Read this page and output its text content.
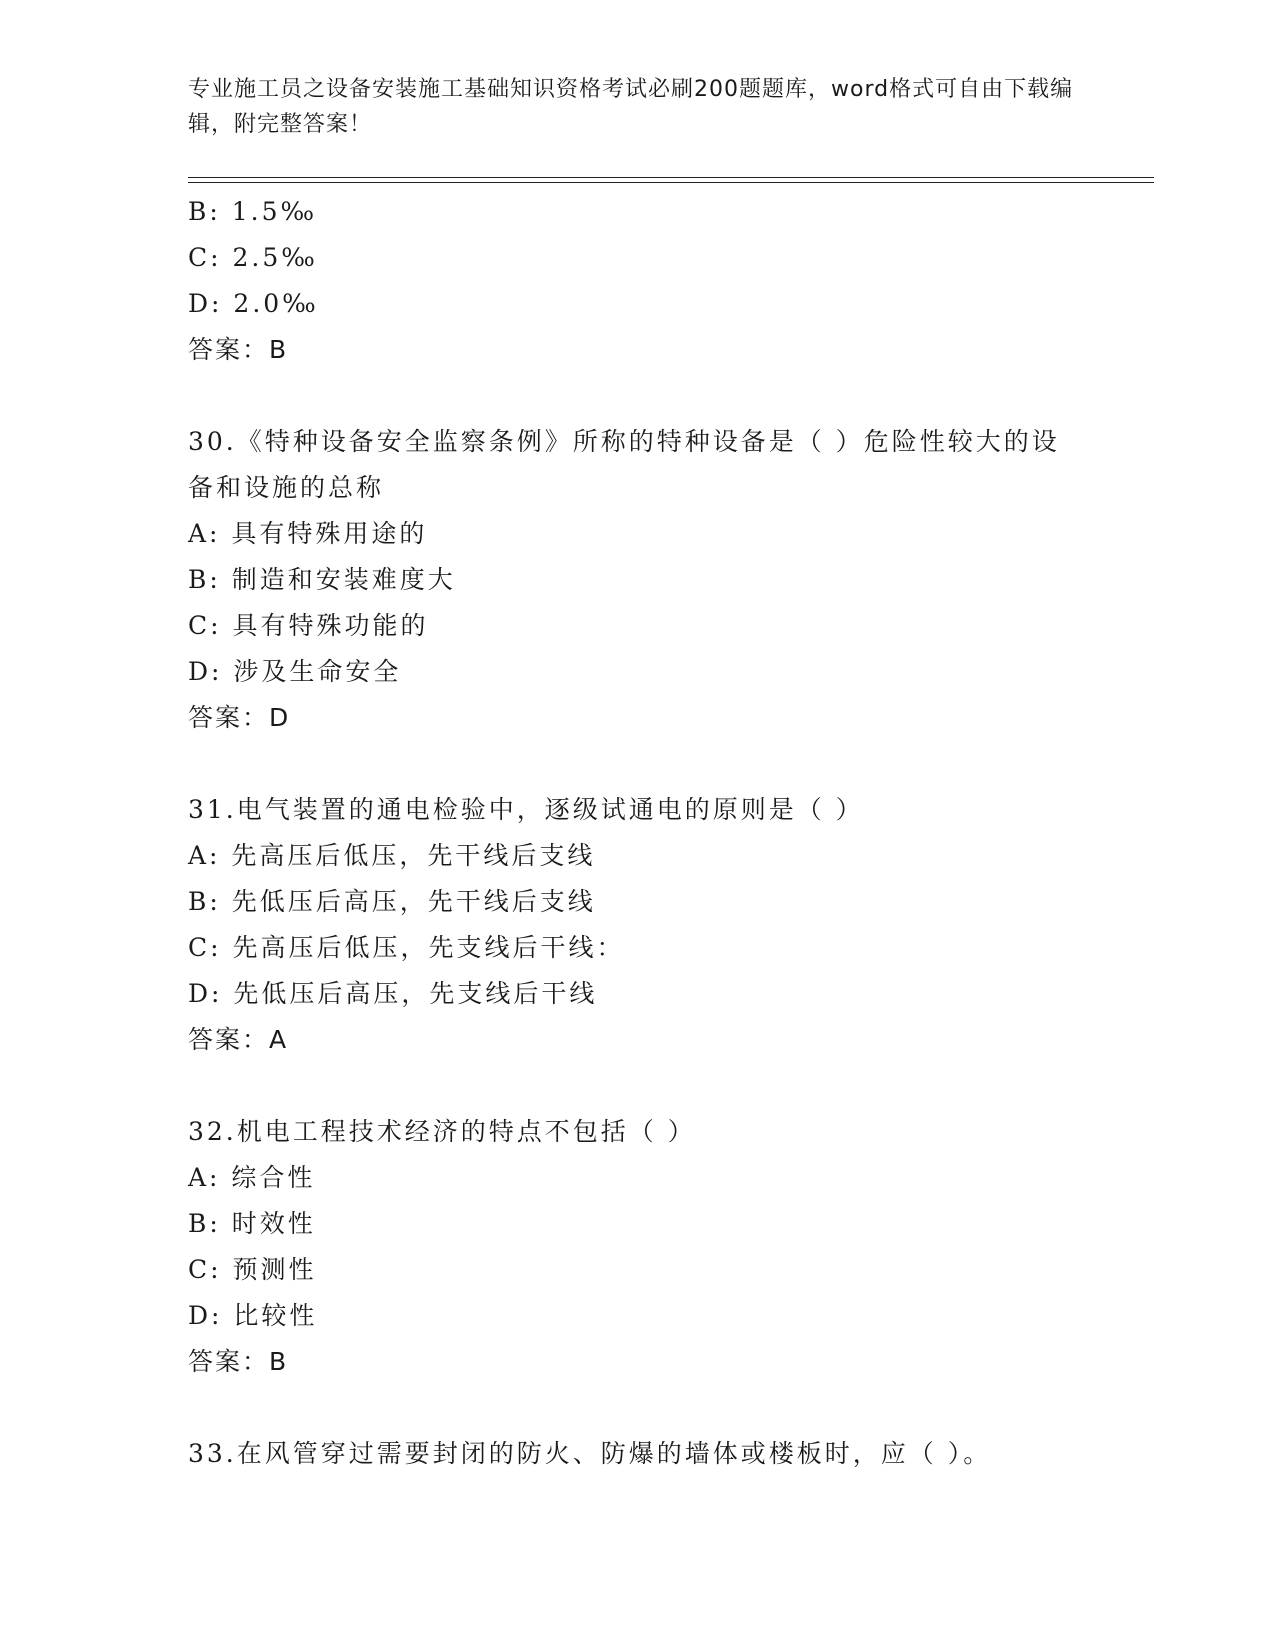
专业施工员之设备安装施工基础知识资格考试必刷200题题库，word格式可自由下载编辑，附完整答案！
B: 1.5‰
C: 2.5‰
D: 2.0‰
答案：B
30.《特种设备安全监察条例》所称的特种设备是（ ）危险性较大的设备和设施的总称
A: 具有特殊用途的
B: 制造和安装难度大
C: 具有特殊功能的
D: 涉及生命安全
答案：D
31.电气装置的通电检验中，逐级试通电的原则是（ ）
A: 先高压后低压，先干线后支线
B: 先低压后高压，先干线后支线
C: 先高压后低压，先支线后干线：
D: 先低压后高压，先支线后干线
答案：A
32.机电工程技术经济的特点不包括（ ）
A: 综合性
B: 时效性
C: 预测性
D: 比较性
答案：B
33.在风管穿过需要封闭的防火、防爆的墙体或楼板时，应（ ）。
